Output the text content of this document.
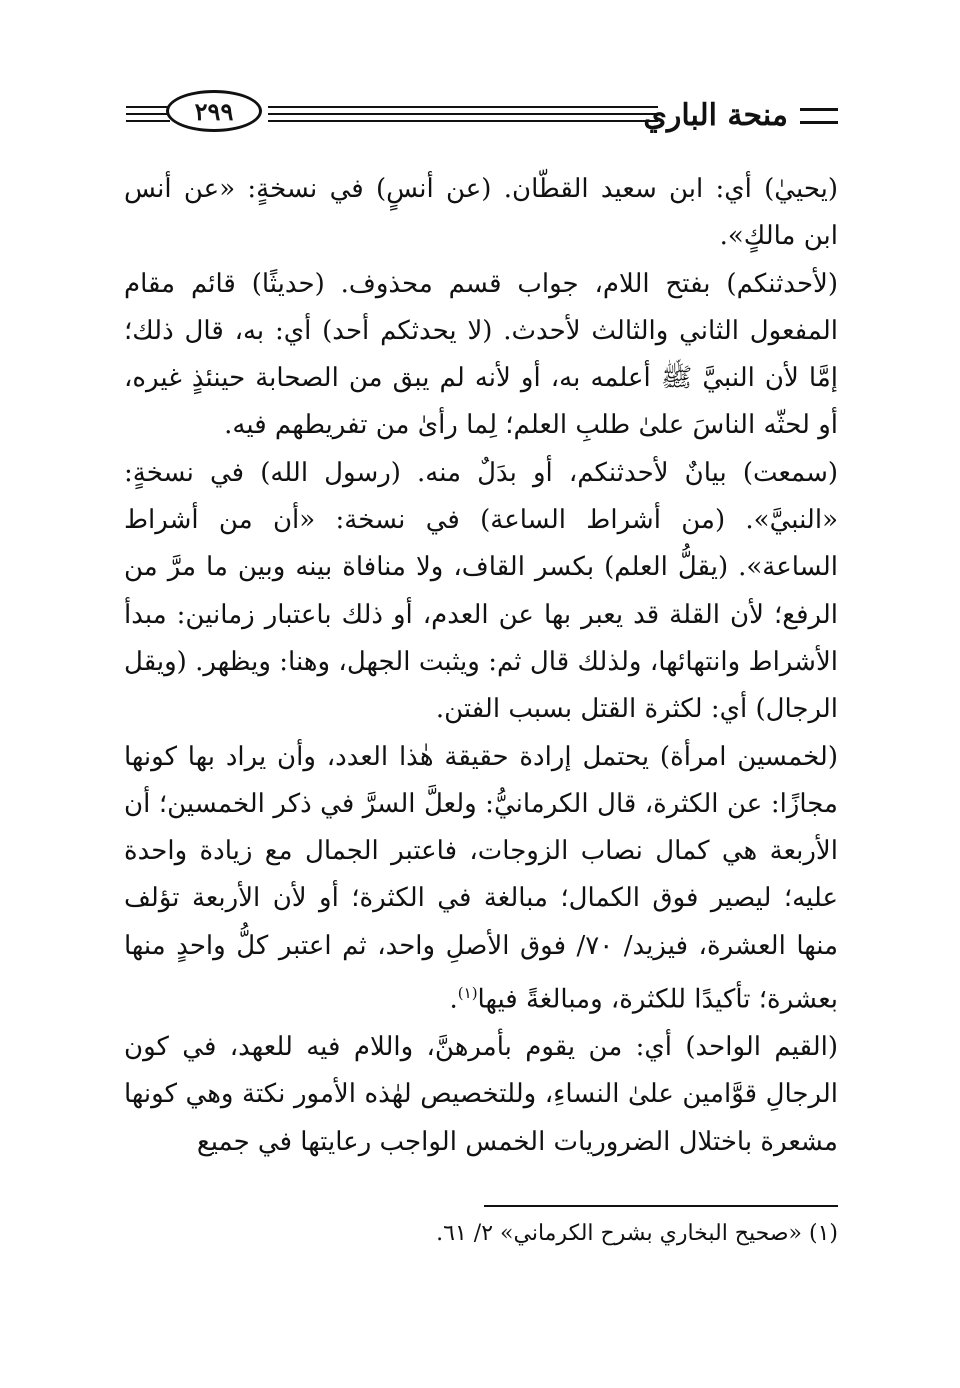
منحة الباري
٢٩٩

(يحييٰ) أي: ابن سعيد القطّان. (عن أنسٍ) في نسخةٍ: «عن أنس ابن مالكٍ».

(لأحدثنكم) بفتح اللام، جواب قسم محذوف. (حديثًا) قائم مقام المفعول الثاني والثالث لأحدث. (لا يحدثكم أحد) أي: به، قال ذلك؛ إمَّا لأن النبيَّ ﷺ أعلمه به، أو لأنه لم يبق من الصحابة حينئذٍ غيره، أو لحثّه الناسَ علىٰ طلبِ العلم؛ لِما رأىٰ من تفريطهم فيه.

(سمعت) بيانٌ لأحدثنكم، أو بدَلٌ منه. (رسول الله) في نسخةٍ: «النبيَّ». (من أشراط الساعة) في نسخة: «أن من أشراط الساعة». (يقلُّ العلم) بكسر القاف، ولا منافاة بينه وبين ما مرَّ من الرفع؛ لأن القلة قد يعبر بها عن العدم، أو ذلك باعتبار زمانين: مبدأ الأشراط وانتهائها، ولذلك قال ثم: ويثبت الجهل، وهنا: ويظهر. (ويقل الرجال) أي: لكثرة القتل بسبب الفتن.

(لخمسين امرأة) يحتمل إرادة حقيقة هٰذا العدد، وأن يراد بها كونها مجازًا: عن الكثرة، قال الكرمانيُّ: ولعلَّ السرَّ في ذكر الخمسين؛ أن الأربعة هي كمال نصاب الزوجات، فاعتبر الجمال مع زيادة واحدة عليه؛ ليصير فوق الكمال؛ مبالغة في الكثرة؛ أو لأن الأربعة تؤلف منها العشرة، فيزيد/ ٧٠/ فوق الأصلِ واحد، ثم اعتبر كلُّ واحدٍ منها بعشرة؛ تأكيدًا للكثرة، ومبالغةً فيها$^{(١)}$.

(القيم الواحد) أي: من يقوم بأمرهنَّ، واللام فيه للعهد، في كون الرجالِ قوَّامين علىٰ النساءِ، وللتخصيص لهٰذه الأمور نكتة وهي كونها مشعرة باختلال الضروريات الخمس الواجب رعايتها في جميع

(١) «صحيح البخاري بشرح الكرماني» ٢/ ٦١.
